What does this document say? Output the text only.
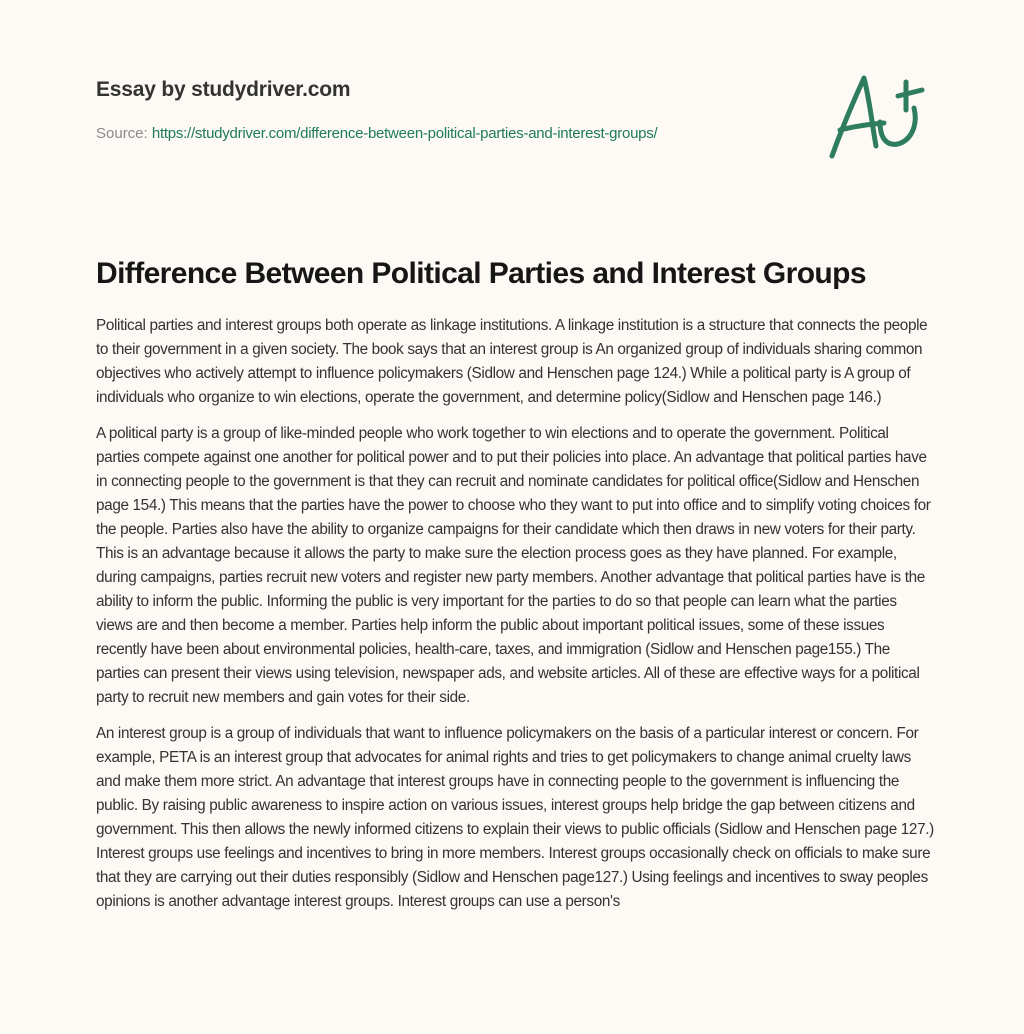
Essay by studydriver.com
Source: https://studydriver.com/difference-between-political-parties-and-interest-groups/
Difference Between Political Parties and Interest Groups

Political parties and interest groups both operate as linkage institutions. A linkage institution is a structure that connects the people to their government in a given society. The book says that an interest group is An organized group of individuals sharing common objectives who actively attempt to influence policymakers (Sidlow and Henschen page 124.) While a political party is A group of individuals who organize to win elections, operate the government, and determine policy(Sidlow and Henschen page 146.)

A political party is a group of like-minded people who work together to win elections and to operate the government. Political parties compete against one another for political power and to put their policies into place. An advantage that political parties have in connecting people to the government is that they can recruit and nominate candidates for political office(Sidlow and Henschen page 154.) This means that the parties have the power to choose who they want to put into office and to simplify voting choices for the people. Parties also have the ability to organize campaigns for their candidate which then draws in new voters for their party. This is an advantage because it allows the party to make sure the election process goes as they have planned. For example, during campaigns, parties recruit new voters and register new party members. Another advantage that political parties have is the ability to inform the public. Informing the public is very important for the parties to do so that people can learn what the parties views are and then become a member. Parties help inform the public about important political issues, some of these issues recently have been about environmental policies, health-care, taxes, and immigration (Sidlow and Henschen page155.) The parties can present their views using television, newspaper ads, and website articles. All of these are effective ways for a political party to recruit new members and gain votes for their side.

An interest group is a group of individuals that want to influence policymakers on the basis of a particular interest or concern. For example, PETA is an interest group that advocates for animal rights and tries to get policymakers to change animal cruelty laws and make them more strict. An advantage that interest groups have in connecting people to the government is influencing the public. By raising public awareness to inspire action on various issues, interest groups help bridge the gap between citizens and government. This then allows the newly informed citizens to explain their views to public officials (Sidlow and Henschen page 127.) Interest groups use feelings and incentives to bring in more members. Interest groups occasionally check on officials to make sure that they are carrying out their duties responsibly (Sidlow and Henschen page127.) Using feelings and incentives to sway peoples opinions is another advantage interest groups. Interest groups can use a person's
